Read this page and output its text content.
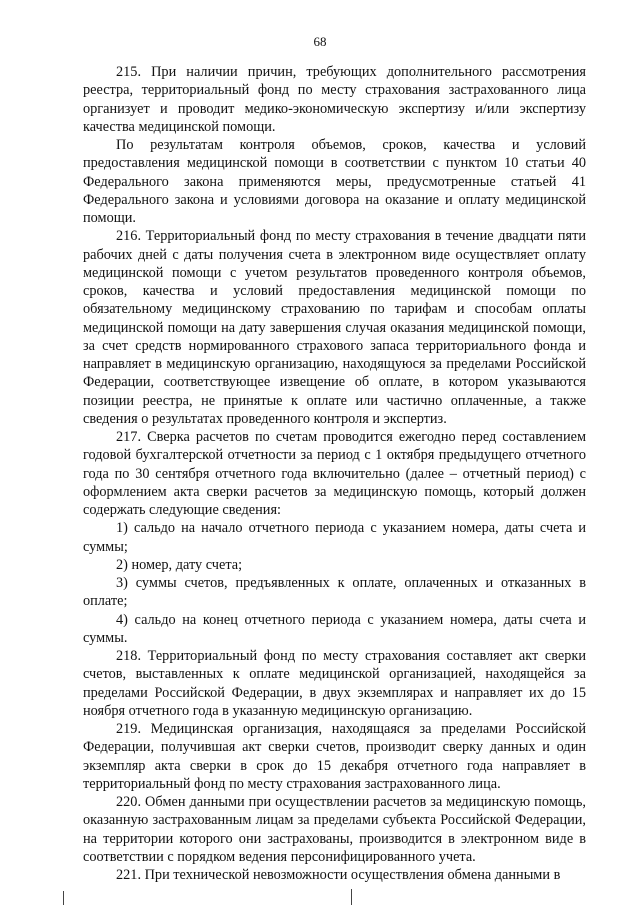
68

215. При наличии причин, требующих дополнительного рассмотрения реестра, территориальный фонд по месту страхования застрахованного лица организует и проводит медико-экономическую экспертизу и/или экспертизу качества медицинской помощи.

По результатам контроля объемов, сроков, качества и условий предоставления медицинской помощи в соответствии с пунктом 10 статьи 40 Федерального закона применяются меры, предусмотренные статьей 41 Федерального закона и условиями договора на оказание и оплату медицинской помощи.

216. Территориальный фонд по месту страхования в течение двадцати пяти рабочих дней с даты получения счета в электронном виде осуществляет оплату медицинской помощи с учетом результатов проведенного контроля объемов, сроков, качества и условий предоставления медицинской помощи по обязательному медицинскому страхованию по тарифам и способам оплаты медицинской помощи на дату завершения случая оказания медицинской помощи, за счет средств нормированного страхового запаса территориального фонда и направляет в медицинскую организацию, находящуюся за пределами Российской Федерации, соответствующее извещение об оплате, в котором указываются позиции реестра, не принятые к оплате или частично оплаченные, а также сведения о результатах проведенного контроля и экспертиз.

217. Сверка расчетов по счетам проводится ежегодно перед составлением годовой бухгалтерской отчетности за период с 1 октября предыдущего отчетного года по 30 сентября отчетного года включительно (далее – отчетный период) с оформлением акта сверки расчетов за медицинскую помощь, который должен содержать следующие сведения:

1) сальдо на начало отчетного периода с указанием номера, даты счета и суммы;

2) номер, дату счета;

3) суммы счетов, предъявленных к оплате, оплаченных и отказанных в оплате;

4) сальдо на конец отчетного периода с указанием номера, даты счета и суммы.

218. Территориальный фонд по месту страхования составляет акт сверки счетов, выставленных к оплате медицинской организацией, находящейся за пределами Российской Федерации, в двух экземплярах и направляет их до 15 ноября отчетного года в указанную медицинскую организацию.

219. Медицинская организация, находящаяся за пределами Российской Федерации, получившая акт сверки счетов, производит сверку данных и один экземпляр акта сверки в срок до 15 декабря отчетного года направляет в территориальный фонд по месту страхования застрахованного лица.

220. Обмен данными при осуществлении расчетов за медицинскую помощь, оказанную застрахованным лицам за пределами субъекта Российской Федерации, на территории которого они застрахованы, производится в электронном виде в соответствии с порядком ведения персонифицированного учета.

221. При технической невозможности осуществления обмена данными в
